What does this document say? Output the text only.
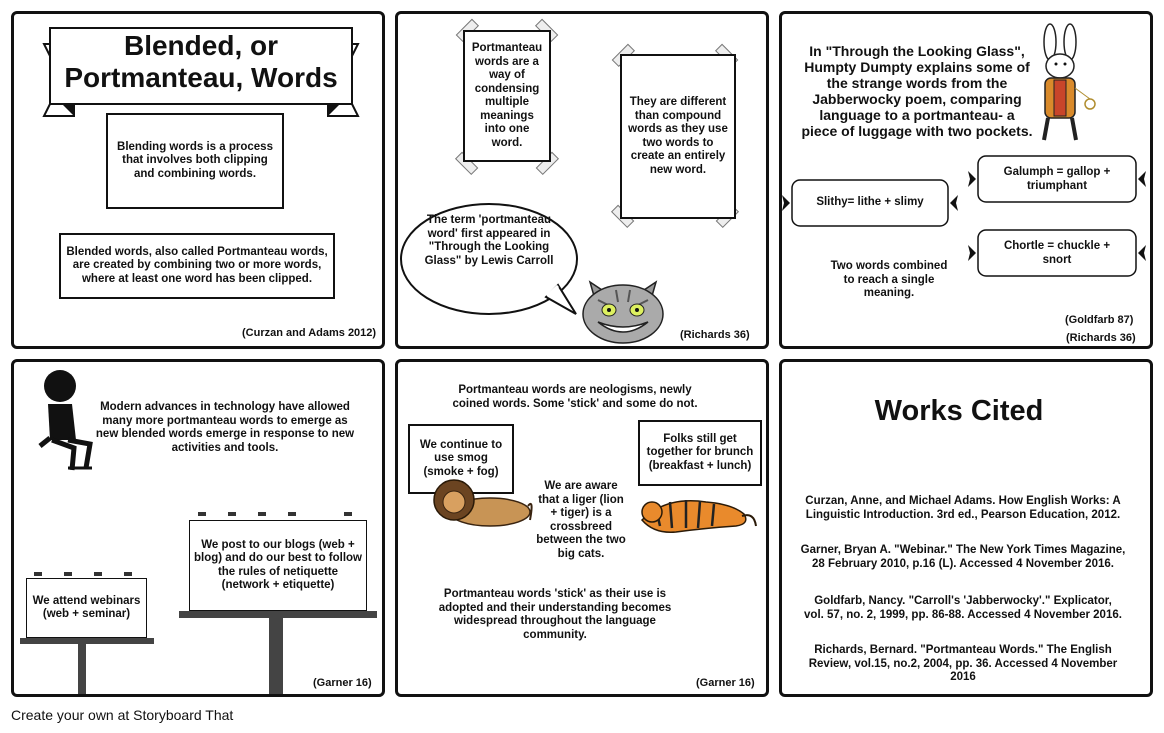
Blended, or
Portmanteau, Words
Blending words is a process that involves both clipping and combining words.
Blended words, also called Portmanteau words, are created by combining two or more words, where at least one word has been clipped.
(Curzan and Adams 2012)
Portmanteau words are a way of condensing multiple meanings into one word.
They are different than compound words as they use two words to create an entirely new word.
The term 'portmanteau word' first appeared in "Through the Looking Glass" by Lewis Carroll
(Richards 36)
In "Through the Looking Glass", Humpty Dumpty explains some of the strange words from the Jabberwocky poem, comparing language to a portmanteau- a piece of luggage with two pockets.
Slithy= lithe + slimy
Galumph = gallop + triumphant
Chortle = chuckle + snort
Two words combined to reach a single meaning.
(Goldfarb 87)
(Richards 36)
Modern advances in technology have allowed many more portmanteau words to emerge as new blended words emerge in response to new activities and tools.
We attend webinars (web + seminar)
We post to our blogs (web + blog) and do our best to follow the rules of netiquette (network + etiquette)
(Garner 16)
Portmanteau words are neologisms, newly coined words. Some 'stick' and some do not.
We continue to use smog (smoke + fog)
Folks still get together for brunch (breakfast + lunch)
We are aware that a liger (lion + tiger) is a crossbreed between the two big cats.
Portmanteau words 'stick' as their use is adopted and their understanding becomes widespread throughout the language community.
(Garner 16)
Works Cited
Curzan, Anne, and Michael Adams. How English Works: A Linguistic Introduction. 3rd ed., Pearson Education, 2012.
Garner, Bryan A. "Webinar." The New York Times Magazine, 28 February 2010, p.16 (L). Accessed 4 November 2016.
Goldfarb, Nancy. "Carroll's 'Jabberwocky'." Explicator, vol. 57, no. 2, 1999, pp. 86-88. Accessed 4 November 2016.
Richards, Bernard. "Portmanteau Words." The English Review, vol.15, no.2, 2004, pp. 36. Accessed 4 November 2016
Create your own at Storyboard That
